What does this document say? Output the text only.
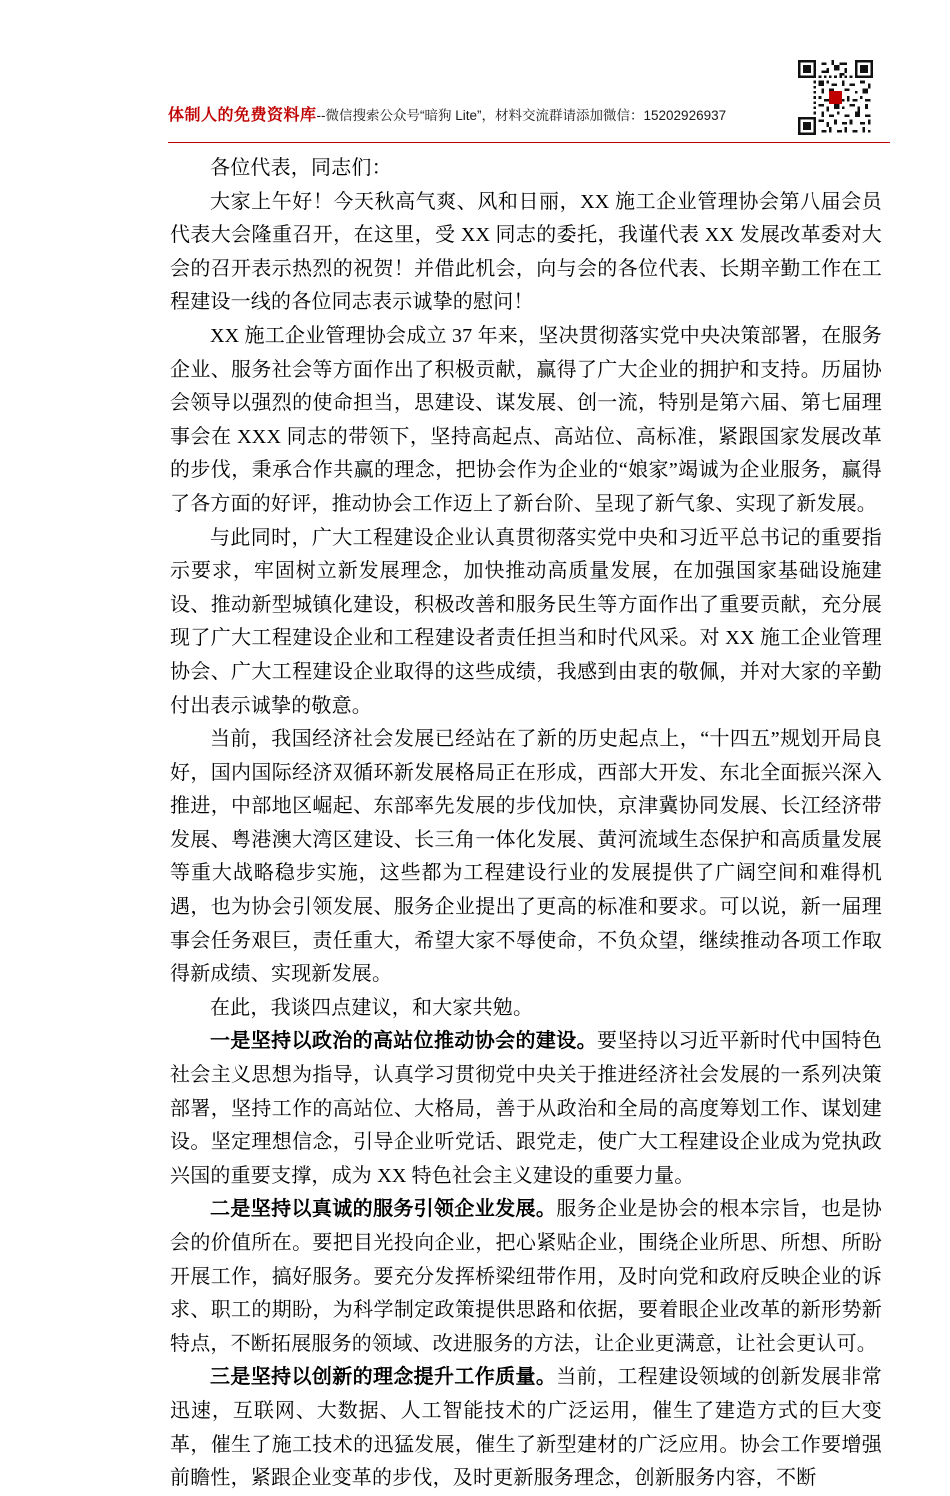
体制人的免费资料库--微信搜索公众号“暗狗 Lite”，材料交流群请添加微信：15202926937

各位代表，同志们：

大家上午好！今天秋高气爽、风和日丽，XX 施工企业管理协会第八届会员代表大会隆重召开，在这里，受 XX 同志的委托，我谨代表 XX 发展改革委对大会的召开表示热烈的祝贺！并借此机会，向与会的各位代表、长期辛勤工作在工程建设一线的各位同志表示诚挚的慰问！

XX 施工企业管理协会成立 37 年来，坚决贯彻落实党中央决策部署，在服务企业、服务社会等方面作出了积极贡献，赢得了广大企业的拥护和支持。历届协会领导以强烈的使命担当，思建设、谋发展、创一流，特别是第六届、第七届理事会在 XXX 同志的带领下，坚持高起点、高站位、高标准，紧跟国家发展改革的步伐，秉承合作共赢的理念，把协会作为企业的“娘家”竭诚为企业服务，赢得了各方面的好评，推动协会工作迈上了新台阶、呈现了新气象、实现了新发展。

与此同时，广大工程建设企业认真贯彻落实党中央和习近平总书记的重要指示要求，牢固树立新发展理念，加快推动高质量发展，在加强国家基础设施建设、推动新型城镇化建设，积极改善和服务民生等方面作出了重要贡献，充分展现了广大工程建设企业和工程建设者责任担当和时代风采。对 XX 施工企业管理协会、广大工程建设企业取得的这些成绩，我感到由衷的敬佩，并对大家的辛勤付出表示诚挚的敬意。

当前，我国经济社会发展已经站在了新的历史起点上，“十四五”规划开局良好，国内国际经济双循环新发展格局正在形成，西部大开发、东北全面振兴深入推进，中部地区崛起、东部率先发展的步伐加快，京津冀协同发展、长江经济带发展、粤港澳大湾区建设、长三角一体化发展、黄河流域生态保护和高质量发展等重大战略稳步实施，这些都为工程建设行业的发展提供了广阔空间和难得机遇，也为协会引领发展、服务企业提出了更高的标准和要求。可以说，新一届理事会任务艰巨，责任重大，希望大家不辱使命，不负众望，继续推动各项工作取得新成绩、实现新发展。

在此，我谈四点建议，和大家共勉。

一是坚持以政治的高站位推动协会的建设。要坚持以习近平新时代中国特色社会主义思想为指导，认真学习贯彻党中央关于推进经济社会发展的一系列决策部署，坚持工作的高站位、大格局，善于从政治和全局的高度筹划工作、谋划建设。坚定理想信念，引导企业听党话、跟党走，使广大工程建设企业成为党执政兴国的重要支撑，成为 XX 特色社会主义建设的重要力量。

二是坚持以真诚的服务引领企业发展。服务企业是协会的根本宗旨，也是协会的价值所在。要把目光投向企业，把心紧贴企业，围绕企业所思、所想、所盼开展工作，搞好服务。要充分发挥桥梁纽带作用，及时向党和政府反映企业的诉求、职工的期盼，为科学制定政策提供思路和依据，要着眼企业改革的新形势新特点，不断拓展服务的领域、改进服务的方法，让企业更满意，让社会更认可。

三是坚持以创新的理念提升工作质量。当前，工程建设领域的创新发展非常迅速，互联网、大数据、人工智能技术的广泛运用，催生了建造方式的巨大变革，催生了施工技术的迅猛发展，催生了新型建材的广泛应用。协会工作要增强前瞻性，紧跟企业变革的步伐，及时更新服务理念，创新服务内容，不断
